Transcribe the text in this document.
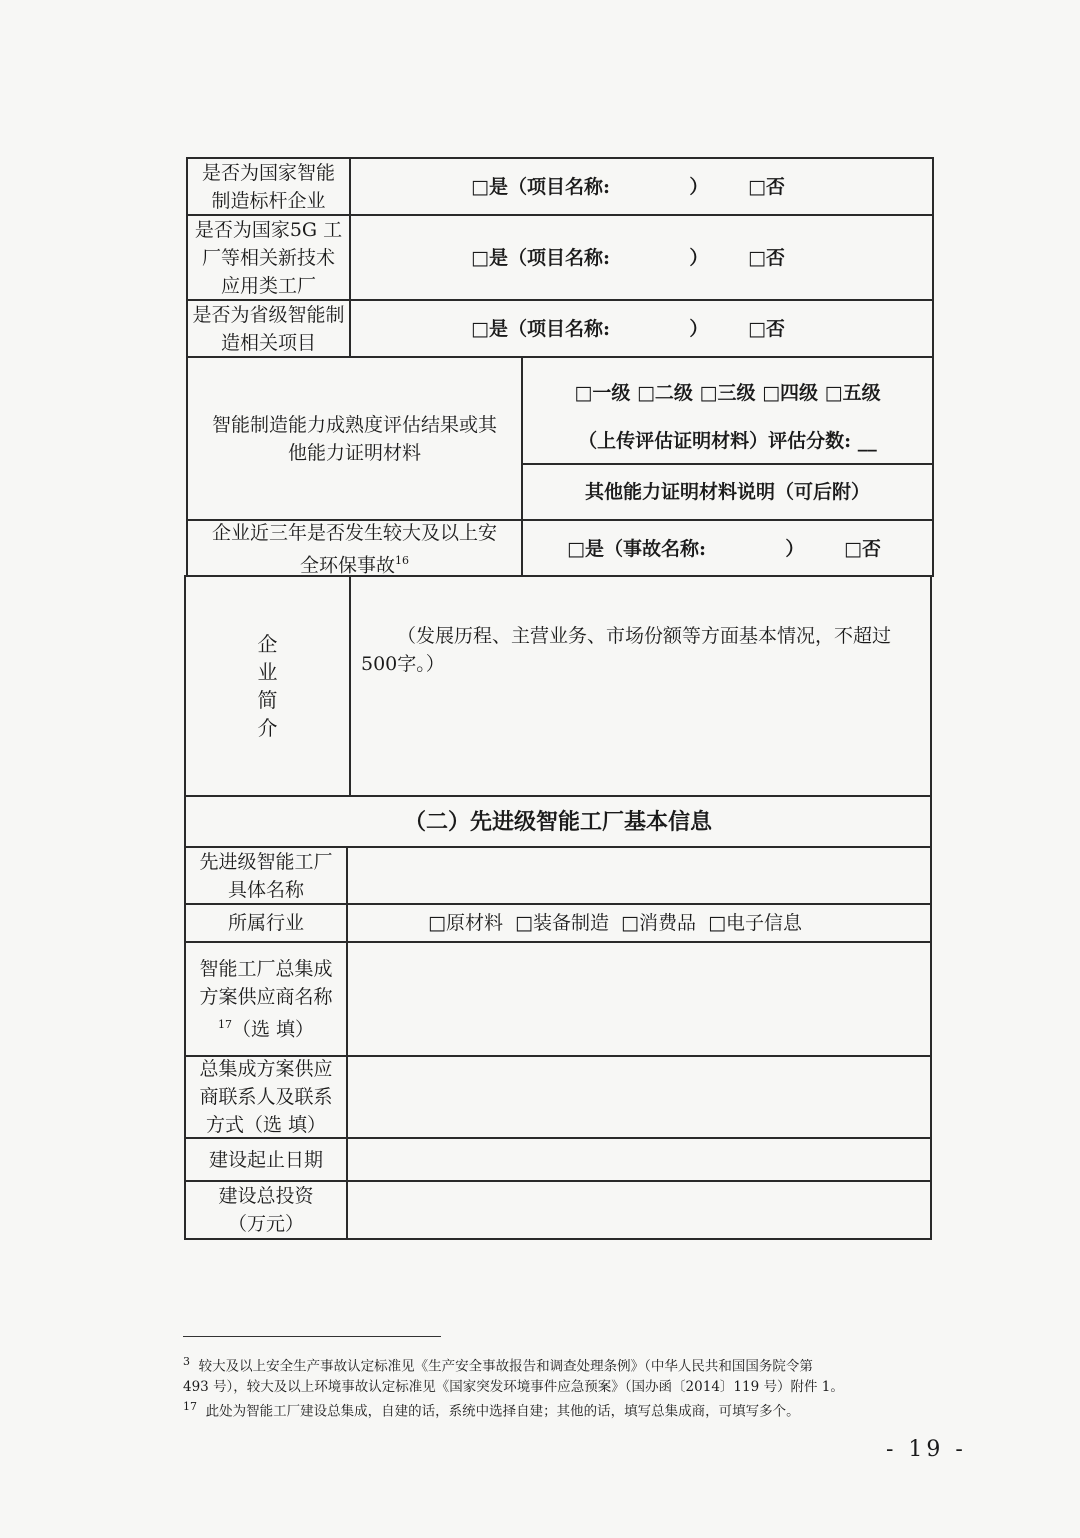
是否为国家智能
制造标杆企业
□是（项目名称:            ）      □否
是否为国家5G 工
厂等相关新技术
应用类工厂
□是（项目名称:            ）      □否
是否为省级智能制
造相关项目
□是（项目名称:            ）      □否
智能制造能力成熟度评估结果或其
他能力证明材料
□一级 □二级 □三级 □四级 □五级
（上传评估证明材料）评估分数: __
其他能力证明材料说明（可后附）
企业近三年是否发生较大及以上安
全环保事故$^{16}$
□是（事故名称:            ）      □否
企
业
简
介
（发展历程、主营业务、市场份额等方面基本情况，不超过
500字。）
（二）先进级智能工厂基本信息
先进级智能工厂
具体名称
所属行业	□原材料  □装备制造  □消费品  □电子信息
智能工厂总集成
方案供应商名称
$^{17}$（选 填）
总集成方案供应
商联系人及联系
方式（选 填）
建设起止日期
建设总投资
（万元）
$^3$ 较大及以上安全生产事故认定标准见《生产安全事故报告和调查处理条例》（中华人民共和国国务院令第
493 号），较大及以上环境事故认定标准见《国家突发环境事件应急预案》（国办函〔2014〕119 号）附件 1。
$^{17}$ 此处为智能工厂建设总集成，自建的话，系统中选择自建；其他的话，填写总集成商，可填写多个。
- 19 -
